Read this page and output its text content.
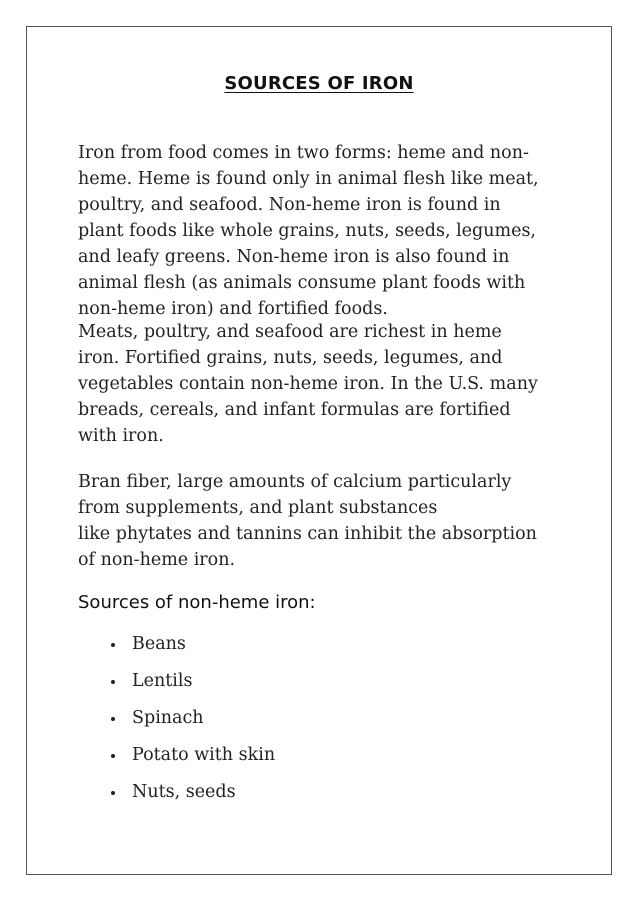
SOURCES OF IRON
Iron from food comes in two forms: heme and non-
heme. Heme is found only in animal flesh like meat,
poultry, and seafood. Non-heme iron is found in
plant foods like whole grains, nuts, seeds, legumes,
and leafy greens. Non-heme iron is also found in
animal flesh (as animals consume plant foods with
non-heme iron) and fortified foods.
Meats, poultry, and seafood are richest in heme
iron. Fortified grains, nuts, seeds, legumes, and
vegetables contain non-heme iron. In the U.S. many
breads, cereals, and infant formulas are fortified
with iron.
Bran fiber, large amounts of calcium particularly
from supplements, and plant substances
like phytates and tannins can inhibit the absorption
of non-heme iron.
Sources of non-heme iron:
Beans
Lentils
Spinach
Potato with skin
Nuts, seeds
